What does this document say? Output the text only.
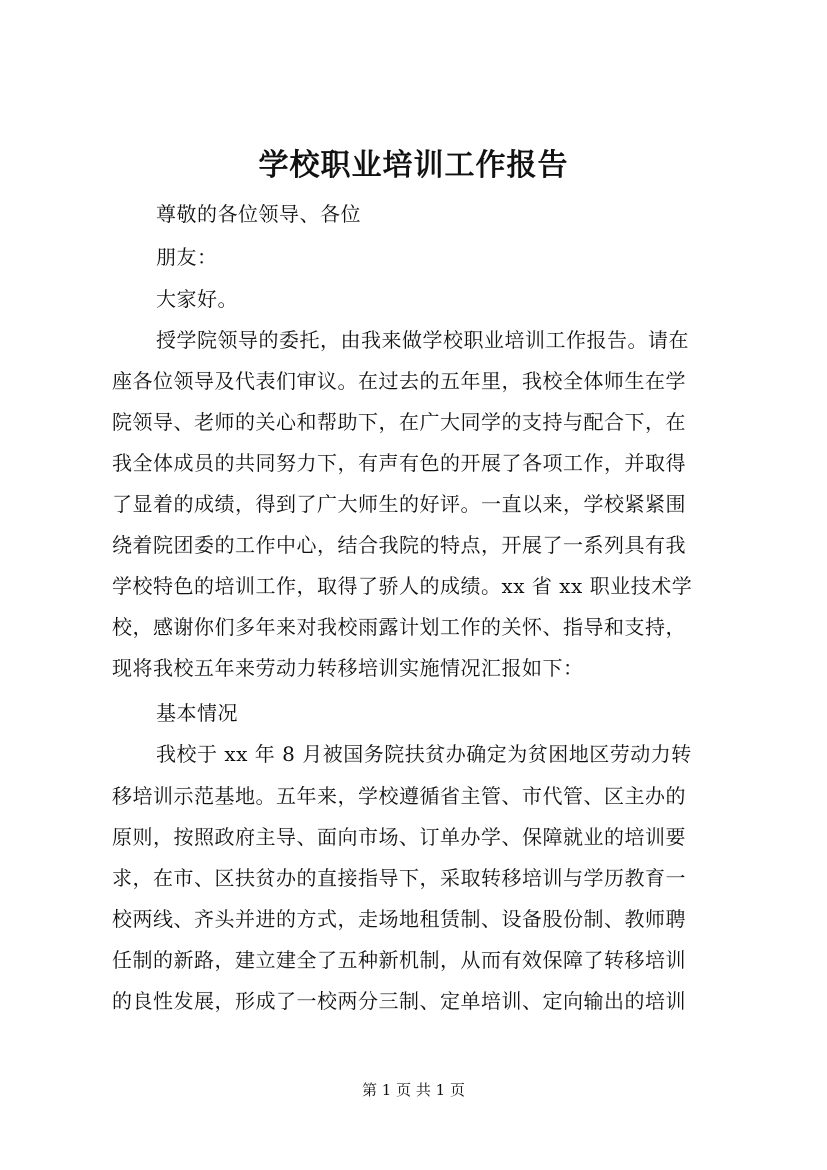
学校职业培训工作报告
尊敬的各位领导、各位
朋友：
大家好。
授学院领导的委托，由我来做学校职业培训工作报告。请在
座各位领导及代表们审议。在过去的五年里，我校全体师生在学
院领导、老师的关心和帮助下，在广大同学的支持与配合下，在
我全体成员的共同努力下，有声有色的开展了各项工作，并取得
了显着的成绩，得到了广大师生的好评。一直以来，学校紧紧围
绕着院团委的工作中心，结合我院的特点，开展了一系列具有我
学校特色的培训工作，取得了骄人的成绩。xx 省 xx 职业技术学
校，感谢你们多年来对我校雨露计划工作的关怀、指导和支持，
现将我校五年来劳动力转移培训实施情况汇报如下：
基本情况
我校于 xx 年 8 月被国务院扶贫办确定为贫困地区劳动力转
移培训示范基地。五年来，学校遵循省主管、市代管、区主办的
原则，按照政府主导、面向市场、订单办学、保障就业的培训要
求，在市、区扶贫办的直接指导下，采取转移培训与学历教育一
校两线、齐头并进的方式，走场地租赁制、设备股份制、教师聘
任制的新路，建立建全了五种新机制，从而有效保障了转移培训
的良性发展，形成了一校两分三制、定单培训、定向输出的培训
第 1 页 共 1 页
